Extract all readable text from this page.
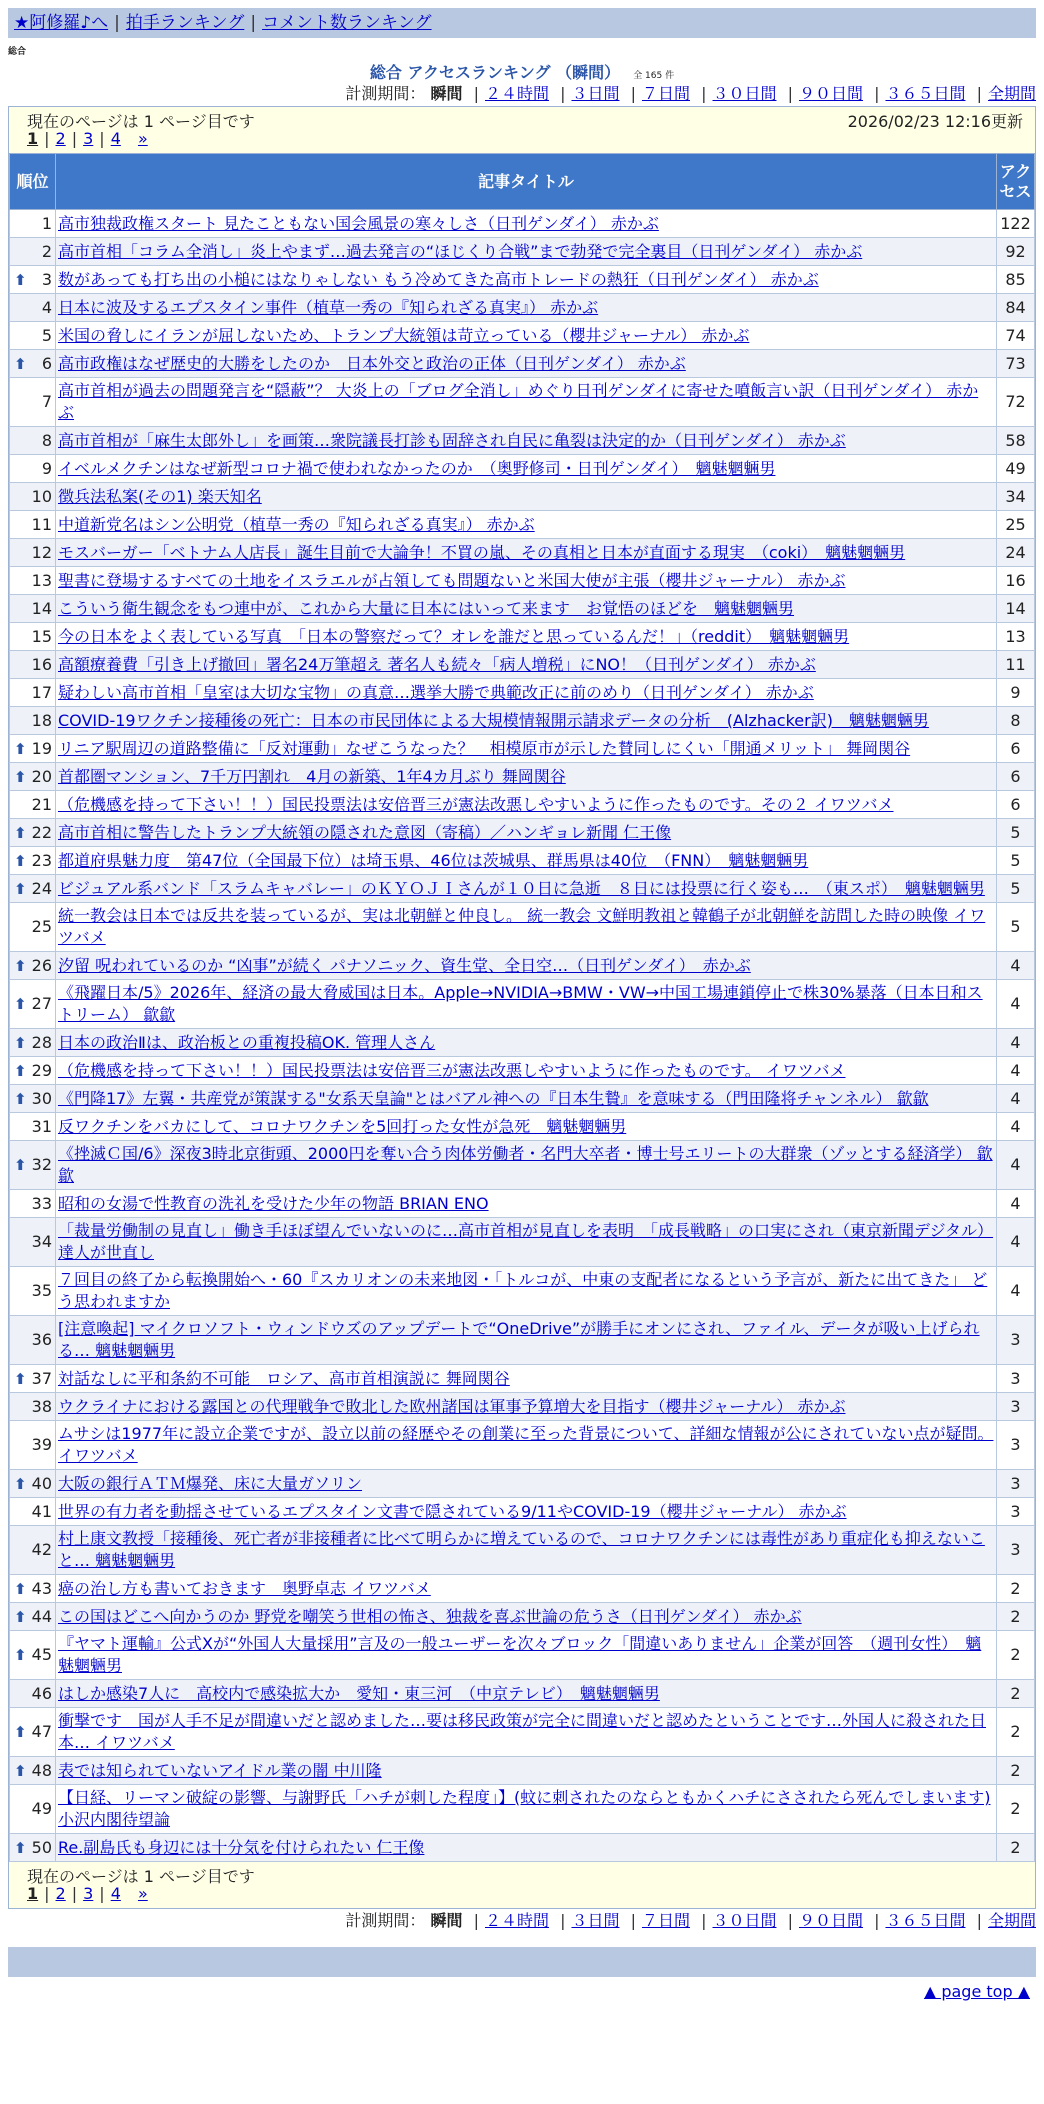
★阿修羅♪へ | 拍手ランキング | コメント数ランキング
総合
総合 アクセスランキング （瞬間） 全 165 件
計測期間： 瞬間 | ２４時間 | ３日間 | ７日間 | ３０日間 | ９０日間 | ３６５日間 | 全期間
現在のページは 1 ページ目です	2026/02/23 12:16更新
1 | 2 | 3 | 4 »
順位	記事タイトル	アクセス
1	高市独裁政権スタート 見たこともない国会風景の寒々しさ（日刊ゲンダイ） 赤かぶ	122
2	高市首相「コラム全消し」炎上やまず…過去発言の“ほじくり合戦”まで勃発で完全裏目（日刊ゲンダイ） 赤かぶ	92

⬆ 3	数があっても打ち出の小槌にはなりゃしない もう冷めてきた高市トレードの熱狂（日刊ゲンダイ） 赤かぶ	85
4	日本に波及するエプスタイン事件（植草一秀の『知られざる真実』） 赤かぶ	84
5	米国の脅しにイランが屈しないため、トランプ大統領は苛立っている（櫻井ジャーナル） 赤かぶ	74

⬆ 6	高市政権はなぜ歴史的大勝をしたのか　日本外交と政治の正体（日刊ゲンダイ） 赤かぶ	73
7	高市首相が過去の問題発言を“隠蔽”？ 大炎上の「ブログ全消し」めぐり日刊ゲンダイに寄せた噴飯言い訳（日刊ゲンダイ） 赤かぶ	72
8	高市首相が「麻生太郎外し」を画策…衆院議長打診も固辞され自民に亀裂は決定的か（日刊ゲンダイ） 赤かぶ	58
9	イベルメクチンはなぜ新型コロナ禍で使われなかったのか　（奥野修司・日刊ゲンダイ）　魑魅魍魎男	49
10	徴兵法私案(その1) 楽天知名	34
11	中道新党名はシン公明党（植草一秀の『知られざる真実』） 赤かぶ	25
12	モスバーガー「ベトナム人店長」誕生目前で大論争！不買の嵐、その真相と日本が直面する現実　（coki）　魑魅魍魎男	24
13	聖書に登場するすべての土地をイスラエルが占領しても問題ないと米国大使が主張（櫻井ジャーナル） 赤かぶ	16
14	こういう衛生観念をもつ連中が、これから大量に日本にはいって来ます　お覚悟のほどを　魑魅魍魎男	14
15	今の日本をよく表している写真　「日本の警察だって？オレを誰だと思っているんだ！」（reddit）　魑魅魍魎男	13
16	高額療養費「引き上げ撤回」署名24万筆超え 著名人も続々「病人増税」にNO！（日刊ゲンダイ） 赤かぶ	11
17	疑わしい高市首相「皇室は大切な宝物」の真意…選挙大勝で典範改正に前のめり（日刊ゲンダイ） 赤かぶ	9
18	COVID-19ワクチン接種後の死亡：日本の市民団体による大規模情報開示請求データの分析　(Alzhacker訳)　魑魅魍魎男	8

⬆ 19	リニア駅周辺の道路整備に「反対運動」なぜこうなった？　相模原市が示した賛同しにくい「開通メリット」 舞岡関谷	6

⬆ 20	首都圏マンション、7千万円割れ　4月の新築、1年4カ月ぶり 舞岡関谷	6
21	（危機感を持って下さい！！）国民投票法は安倍晋三が憲法改悪しやすいように作ったものです。その２ イワツバメ	6

⬆ 22	高市首相に警告したトランプ大統領の隠された意図（寄稿）／ハンギョレ新聞 仁王像	5

⬆ 23	都道府県魅力度　第47位（全国最下位）は埼玉県、46位は茨城県、群馬県は40位　（FNN）　魑魅魍魎男	5

⬆ 24	ビジュアル系バンド「スラムキャバレー」のＫＹＯＪＩさんが１０日に急逝　８日には投票に行く姿も…　（東スポ）　魑魅魍魎男	5
25	統一教会は日本では反共を装っているが、実は北朝鮮と仲良し。 統一教会 文鮮明教祖と韓鶴子が北朝鮮を訪問した時の映像 イワツバメ	5

⬆ 26	汐留 呪われているのか “凶事”が続く パナソニック、資生堂、全日空…（日刊ゲンダイ）　赤かぶ	4

⬆ 27	《飛躍日本/5》2026年、経済の最大脅威国は日本。Apple→NVIDIA→BMW・VW→中国工場連鎖停止で株30%暴落（日本日和ストリーム） 歙歙	4

⬆ 28	日本の政治Ⅱは、政治板との重複投稿OK. 管理人さん	4

⬆ 29	（危機感を持って下さい！！）国民投票法は安倍晋三が憲法改悪しやすいように作ったものです。 イワツバメ	4

⬆ 30	《門降17》左翼・共産党が策謀する"女系天皇論"とはバアル神への『日本生贄』を意味する（門田隆将チャンネル） 歙歙	4
31	反ワクチンをバカにして、コロナワクチンを5回打った女性が急死　魑魅魍魎男	4

⬆ 32	《挫滅Ｃ国/6》深夜3時北京街頭、2000円を奪い合う肉体労働者・名門大卒者・博士号エリートの大群衆（ゾッとする経済学） 歙歙	4
33	昭和の女湯で性教育の洗礼を受けた少年の物語 BRIAN ENO	4
34	「裁量労働制の見直し」働き手ほぼ望んでいないのに…高市首相が見直しを表明　「成長戦略」の口実にされ（東京新聞デジタル） 達人が世直し	4
35	７回目の終了から転換開始へ・60『スカリオンの未来地図・「トルコが、中東の支配者になるという予言が、新たに出てきた」 どう思われますか	4
36	[注意喚起] マイクロソフト・ウィンドウズのアップデートで“OneDrive”が勝手にオンにされ、ファイル、データが吸い上げられる… 魑魅魍魎男	3

⬆ 37	対話なしに平和条約不可能　ロシア、高市首相演説に 舞岡関谷	3
38	ウクライナにおける露国との代理戦争で敗北した欧州諸国は軍事予算増大を目指す（櫻井ジャーナル） 赤かぶ	3
39	ムサシは1977年に設立企業ですが、設立以前の経歴やその創業に至った背景について、詳細な情報が公にされていない点が疑問。 イワツバメ	3

⬆ 40	大阪の銀行ＡＴＭ爆発、床に大量ガソリン	3
41	世界の有力者を動揺させているエプスタイン文書で隠されている9/11やCOVID-19（櫻井ジャーナル） 赤かぶ	3
42	村上康文教授「接種後、死亡者が非接種者に比べて明らかに増えているので、コロナワクチンには毒性があり重症化も抑えないこと… 魑魅魍魎男	3

⬆ 43	癌の治し方も書いておきます　奥野卓志 イワツバメ	2

⬆ 44	この国はどこへ向かうのか 野党を嘲笑う世相の怖さ、独裁を喜ぶ世論の危うさ（日刊ゲンダイ） 赤かぶ	2

⬆ 45	『ヤマト運輸』公式Xが“外国人大量採用”言及の一般ユーザーを次々ブロック「間違いありません」企業が回答　（週刊女性）　魑魅魍魎男	2
46	はしか感染7人に　高校内で感染拡大か　愛知・東三河　（中京テレビ）　魑魅魍魎男	2

⬆ 47	衝撃です　国が人手不足が間違いだと認めました…要は移民政策が完全に間違いだと認めたということです…外国人に殺された日本… イワツバメ	2

⬆ 48	表では知られていないアイドル業の闇 中川隆	2
49	【日経、リーマン破綻の影響、与謝野氏「ハチが刺した程度」】(蚊に刺されたのならともかくハチにさされたら死んでしまいます) 小沢内閣待望論	2

⬆ 50	Re.副島氏も身辺には十分気を付けられたい 仁王像	2
現在のページは 1 ページ目です
1 | 2 | 3 | 4 »
計測期間： 瞬間 | ２４時間 | ３日間 | ７日間 | ３０日間 | ９０日間 | ３６５日間 | 全期間
▲ page top ▲
